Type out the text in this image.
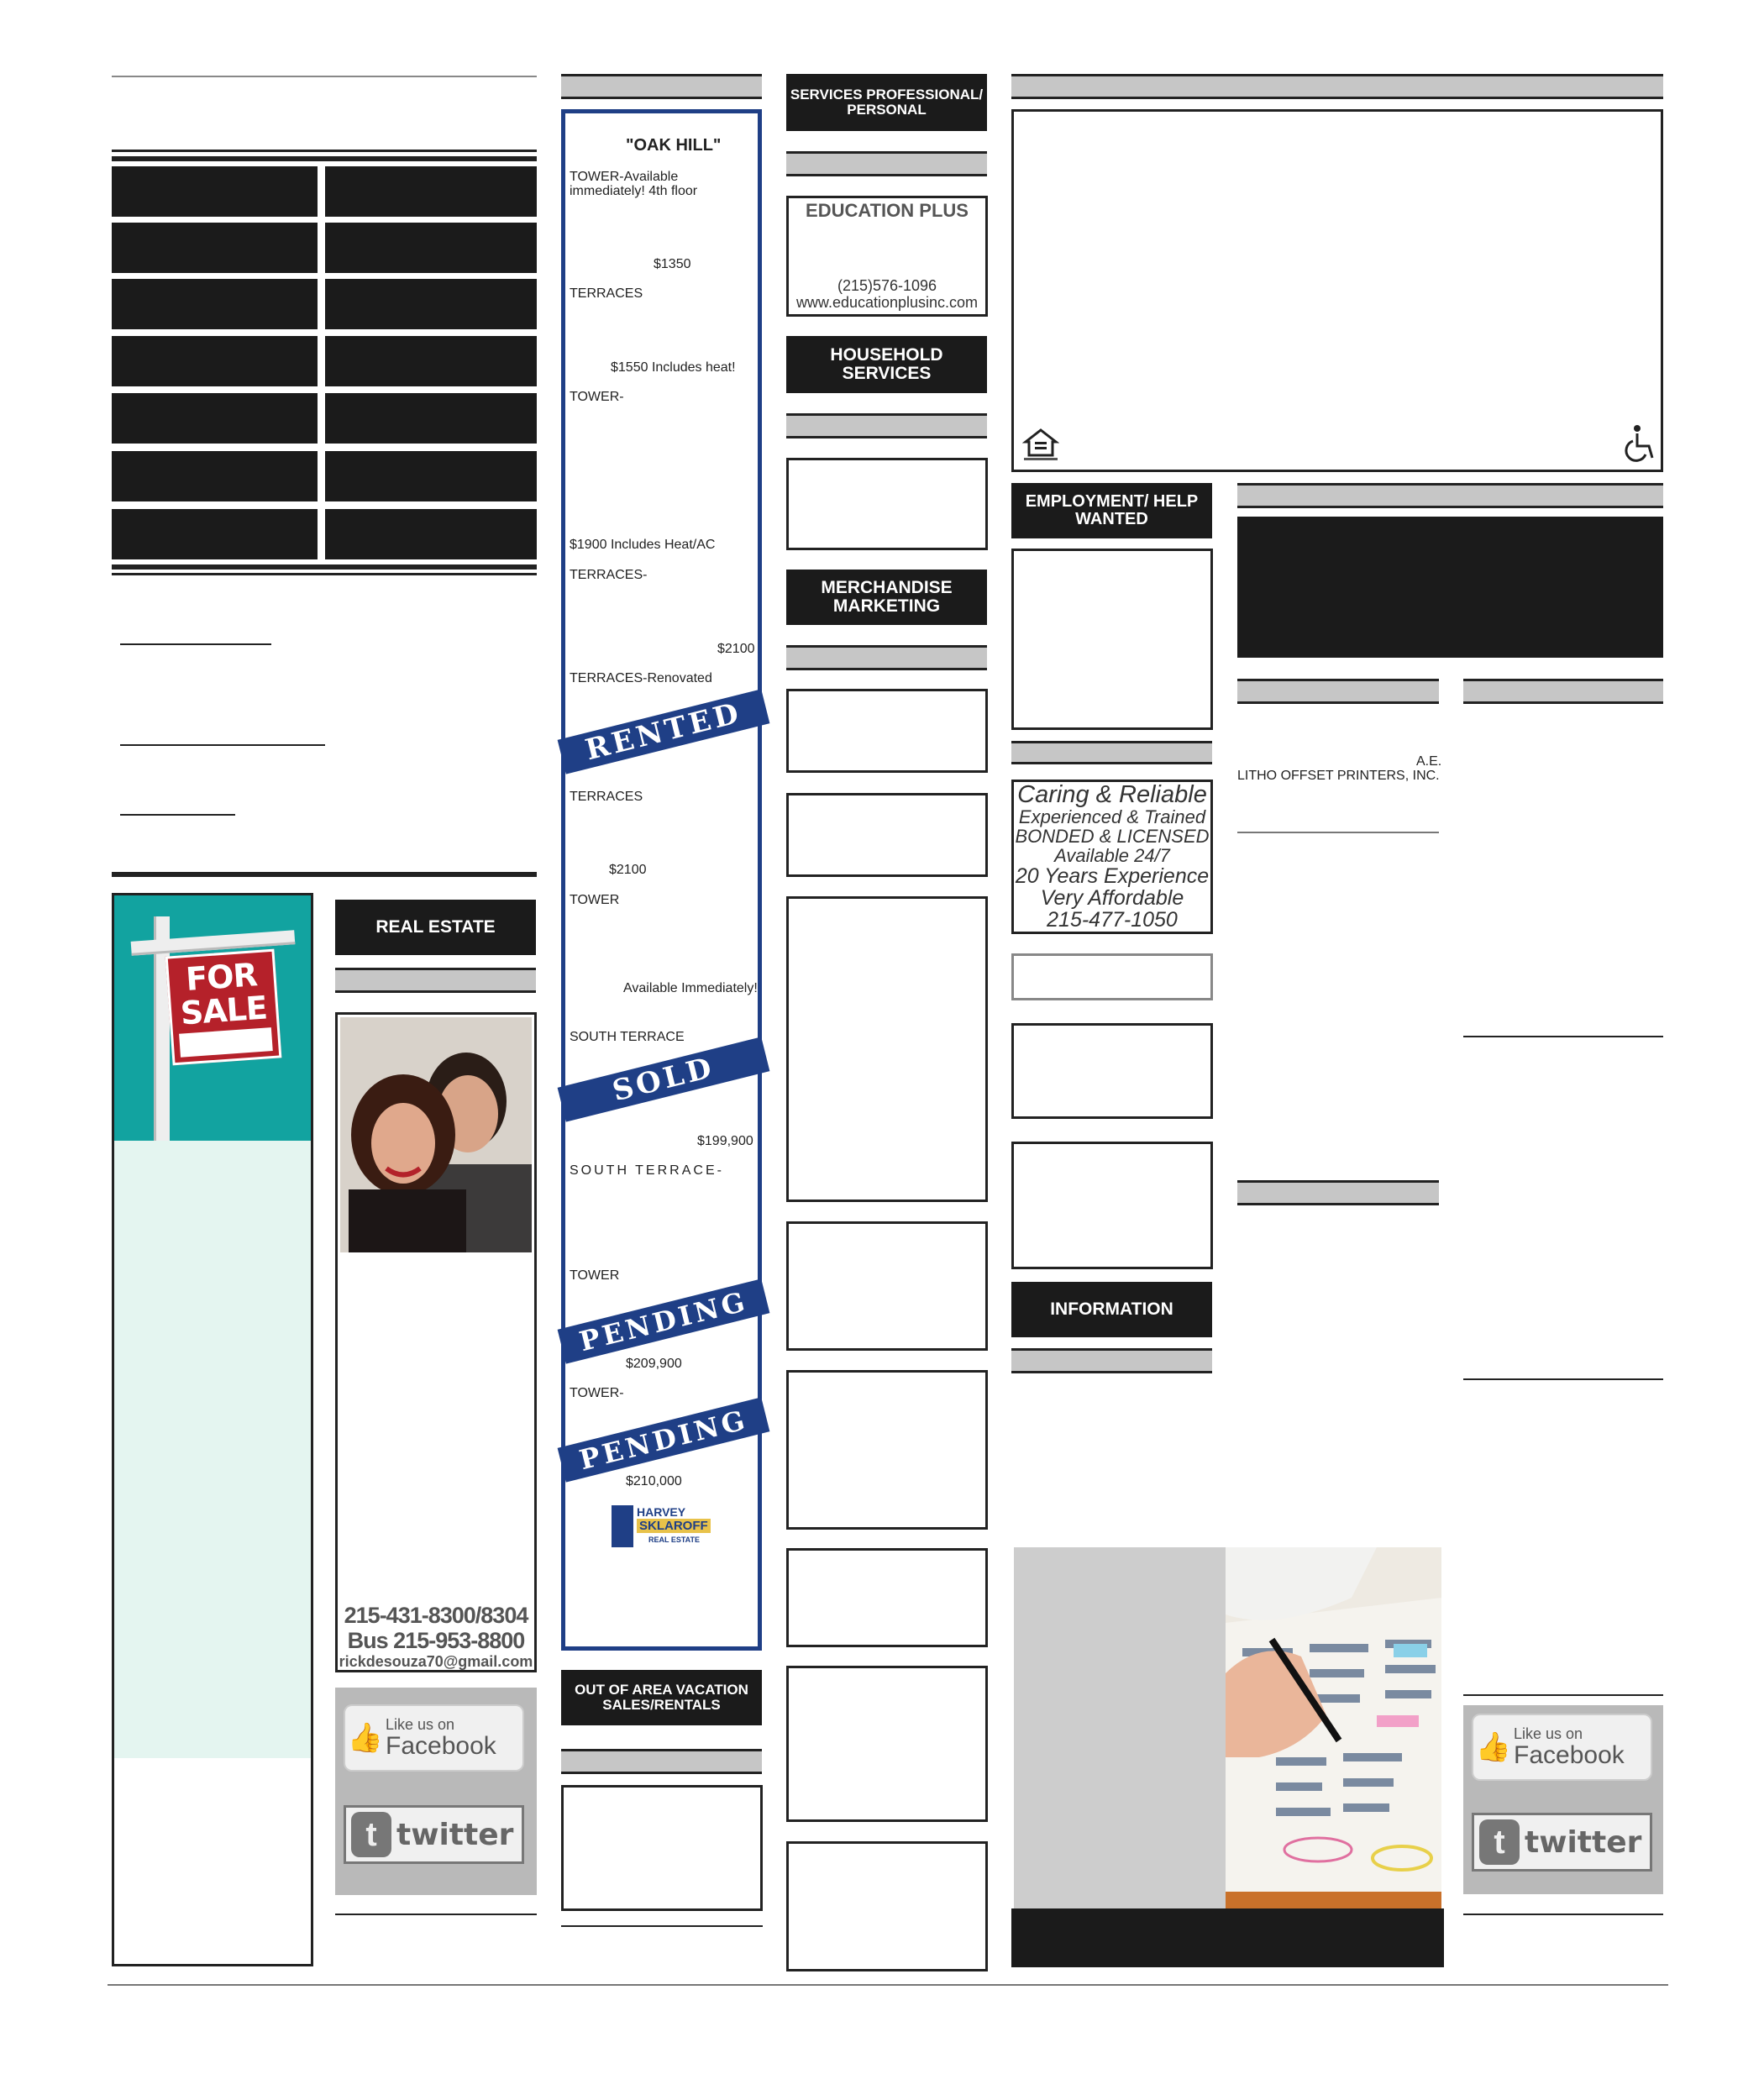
FOR
SALE
REAL ESTATE
215-431-8300/8304
Bus 215-953-8800
rickdesouza70@gmail.com
👍 Like us on
Facebook
t twitter
"OAK HILL"
TOWER-Available immediately! 4th floor
$1350
TERRACES
$1550 Includes heat!
TOWER-
$1900 Includes Heat/AC
TERRACES-
$2100
TERRACES-Renovated
RENTED
TERRACES
$2100
TOWER
Available Immediately!
SOUTH TERRACE
SOLD
$199,900
SOUTH TERRACE-
TOWER
PENDING
$209,900
TOWER-
PENDING
$210,000
HARVEY
SKLAROFF
REAL ESTATE
OUT OF AREA VACATION SALES/RENTALS
SERVICES PROFESSIONAL/ PERSONAL
EDUCATION PLUS
(215)576-1096
www.educationplusinc.com
HOUSEHOLD SERVICES
MERCHANDISE MARKETING
EMPLOYMENT/ HELP WANTED
Caring & Reliable
Experienced & Trained
BONDED & LICENSED
Available 24/7
20 Years Experience
Very Affordable
215-477-1050
INFORMATION
A.E.
LITHO OFFSET PRINTERS, INC.
👍 Like us on
Facebook
t twitter
